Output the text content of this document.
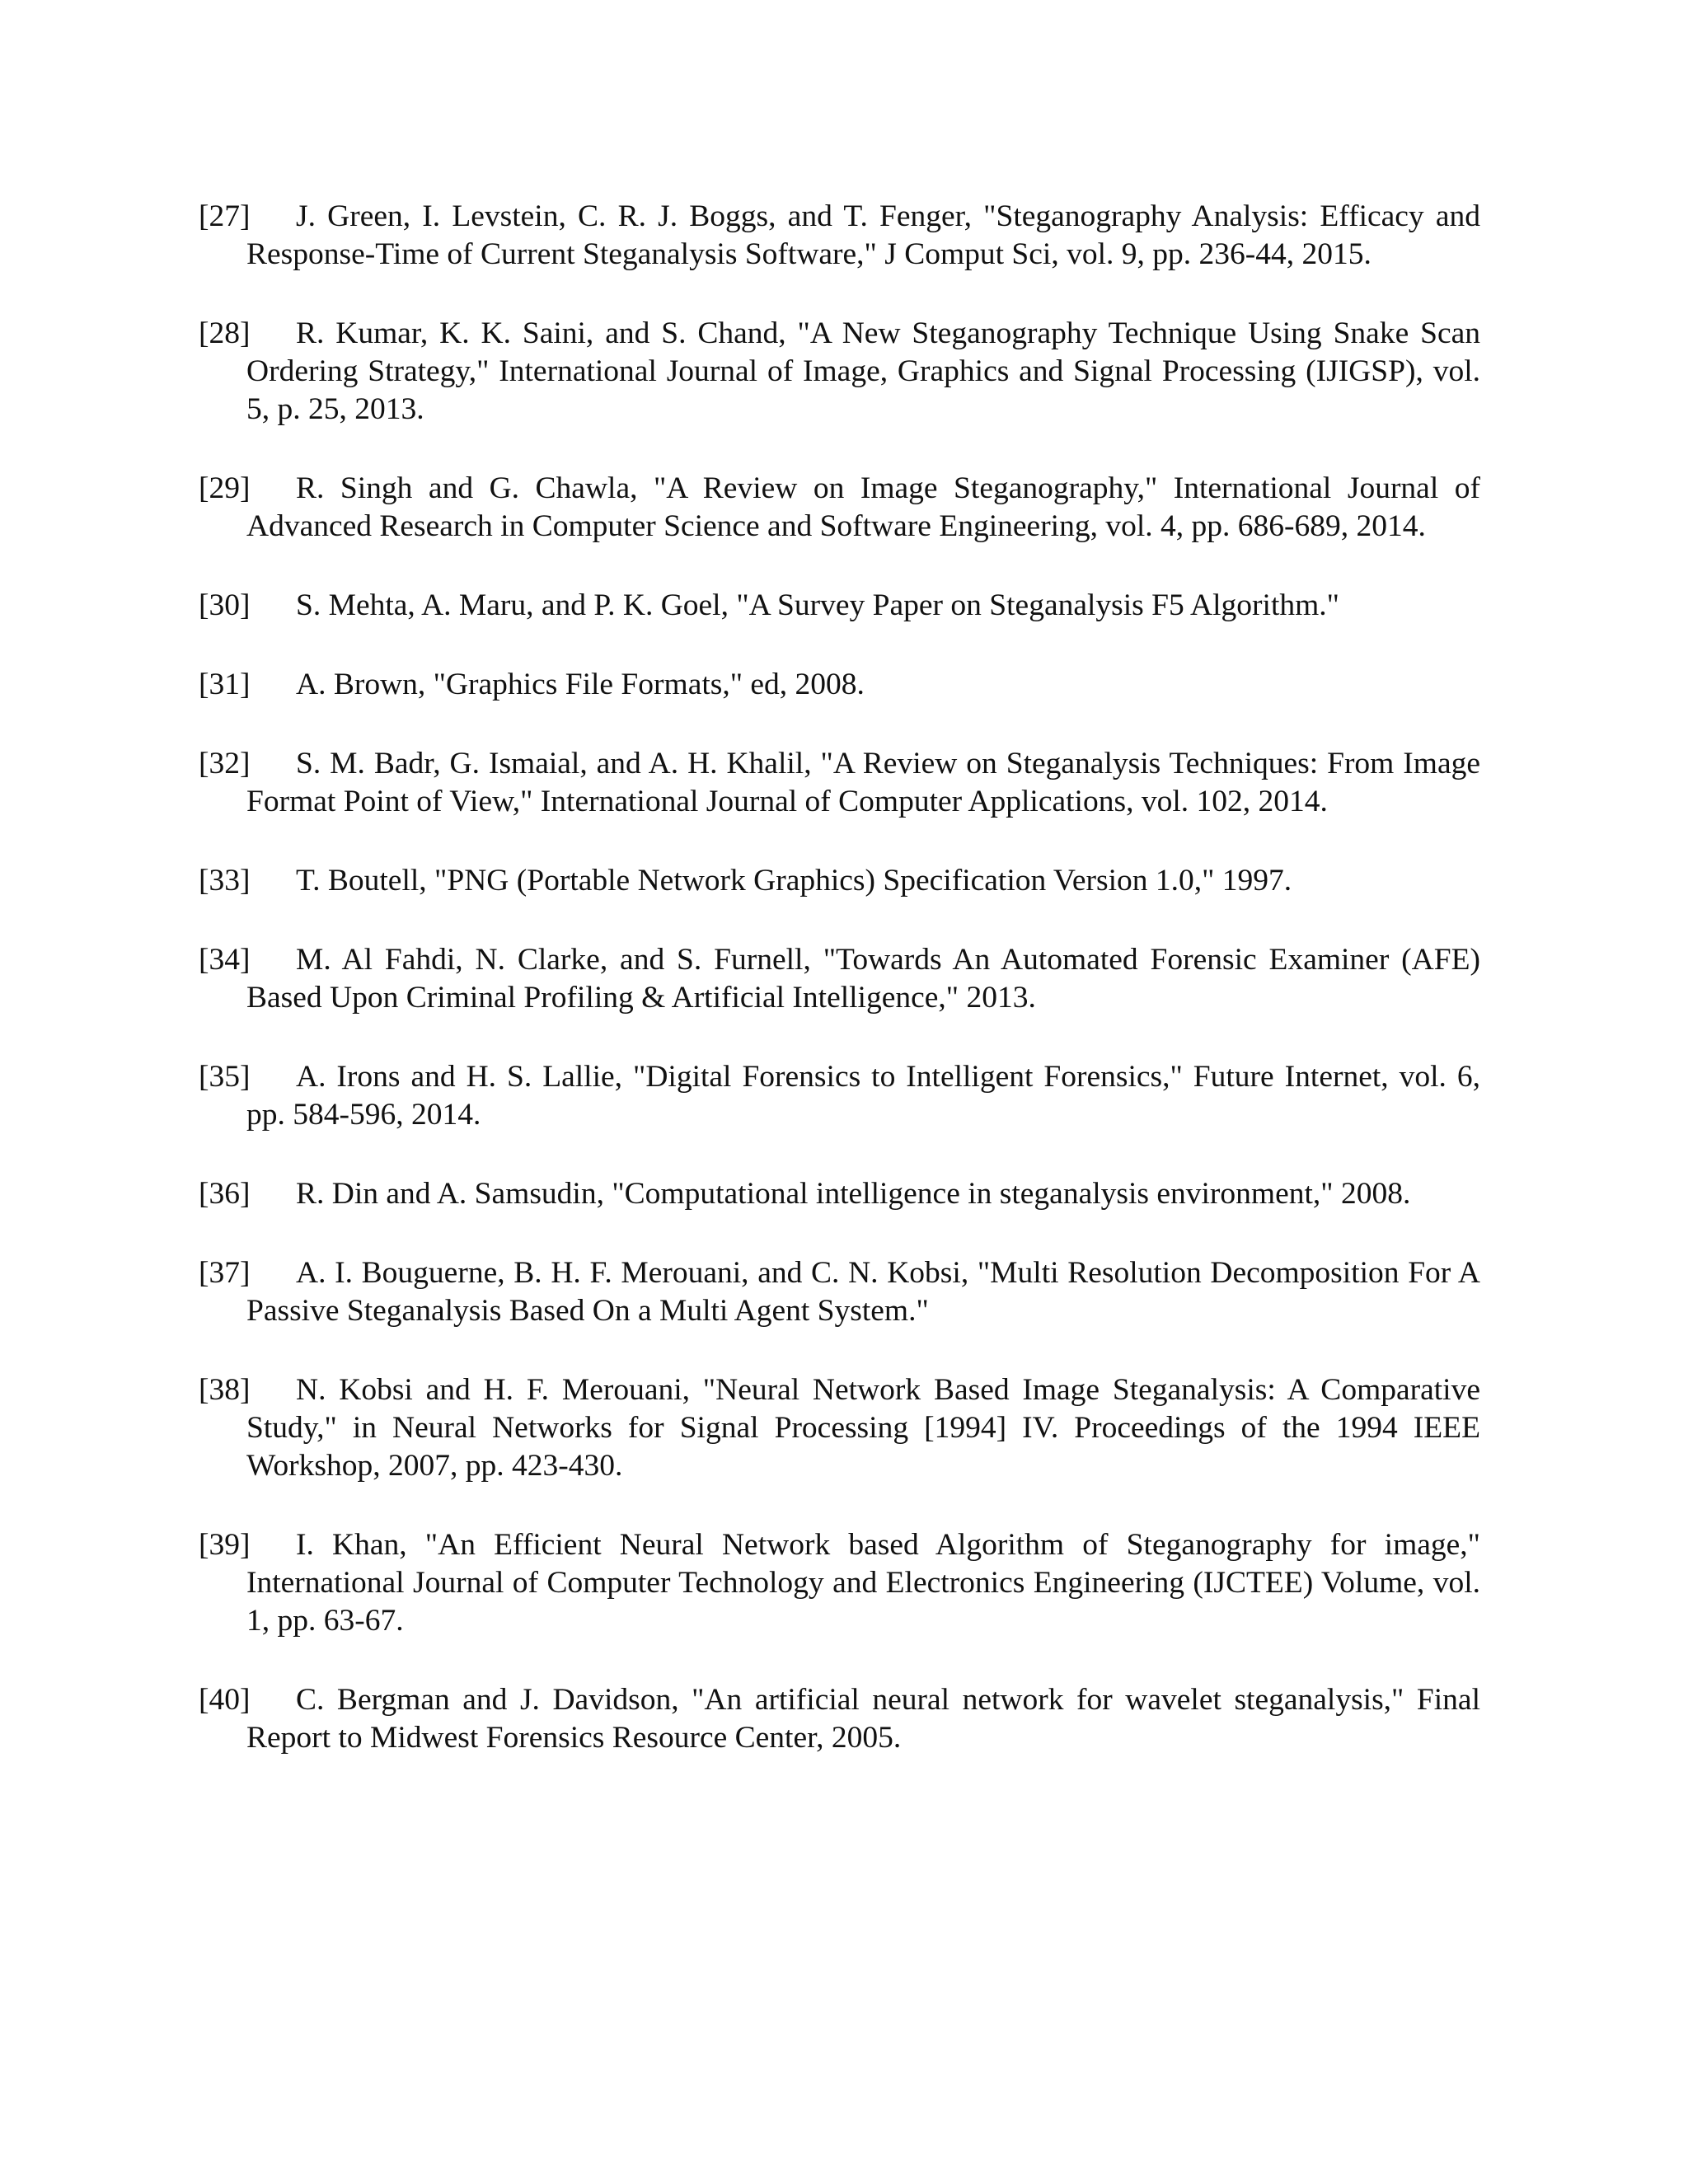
[27]	J. Green, I. Levstein, C. R. J. Boggs, and T. Fenger, "Steganography Analysis: Efficacy and Response-Time of Current Steganalysis Software," J Comput Sci, vol. 9, pp. 236-44, 2015.
[28]	R. Kumar, K. K. Saini, and S. Chand, "A New Steganography Technique Using Snake Scan Ordering Strategy," International Journal of Image, Graphics and Signal Processing (IJIGSP), vol. 5, p. 25, 2013.
[29]	R. Singh and G. Chawla, "A Review on Image Steganography," International Journal of Advanced Research in Computer Science and Software Engineering, vol. 4, pp. 686-689, 2014.
[30]	S. Mehta, A. Maru, and P. K. Goel, "A Survey Paper on Steganalysis F5 Algorithm."
[31]	A. Brown, "Graphics File Formats," ed, 2008.
[32]	S. M. Badr, G. Ismaial, and A. H. Khalil, "A Review on Steganalysis Techniques: From Image Format Point of View," International Journal of Computer Applications, vol. 102, 2014.
[33]	T. Boutell, "PNG (Portable Network Graphics) Specification Version 1.0," 1997.
[34]	M. Al Fahdi, N. Clarke, and S. Furnell, "Towards An Automated Forensic Examiner (AFE) Based Upon Criminal Profiling & Artificial Intelligence," 2013.
[35]	A. Irons and H. S. Lallie, "Digital Forensics to Intelligent Forensics," Future Internet, vol. 6, pp. 584-596, 2014.
[36]	R. Din and A. Samsudin, "Computational intelligence in steganalysis environment," 2008.
[37]	A. I. Bouguerne, B. H. F. Merouani, and C. N. Kobsi, "Multi Resolution Decomposition For A Passive Steganalysis Based On a Multi Agent System."
[38]	N. Kobsi and H. F. Merouani, "Neural Network Based Image Steganalysis: A Comparative Study," in Neural Networks for Signal Processing [1994] IV. Proceedings of the 1994 IEEE Workshop, 2007, pp. 423-430.
[39]	I. Khan, "An Efficient Neural Network based Algorithm of Steganography for image," International Journal of Computer Technology and Electronics Engineering (IJCTEE) Volume, vol. 1, pp. 63-67.
[40]	C. Bergman and J. Davidson, "An artificial neural network for wavelet steganalysis," Final Report to Midwest Forensics Resource Center, 2005.
